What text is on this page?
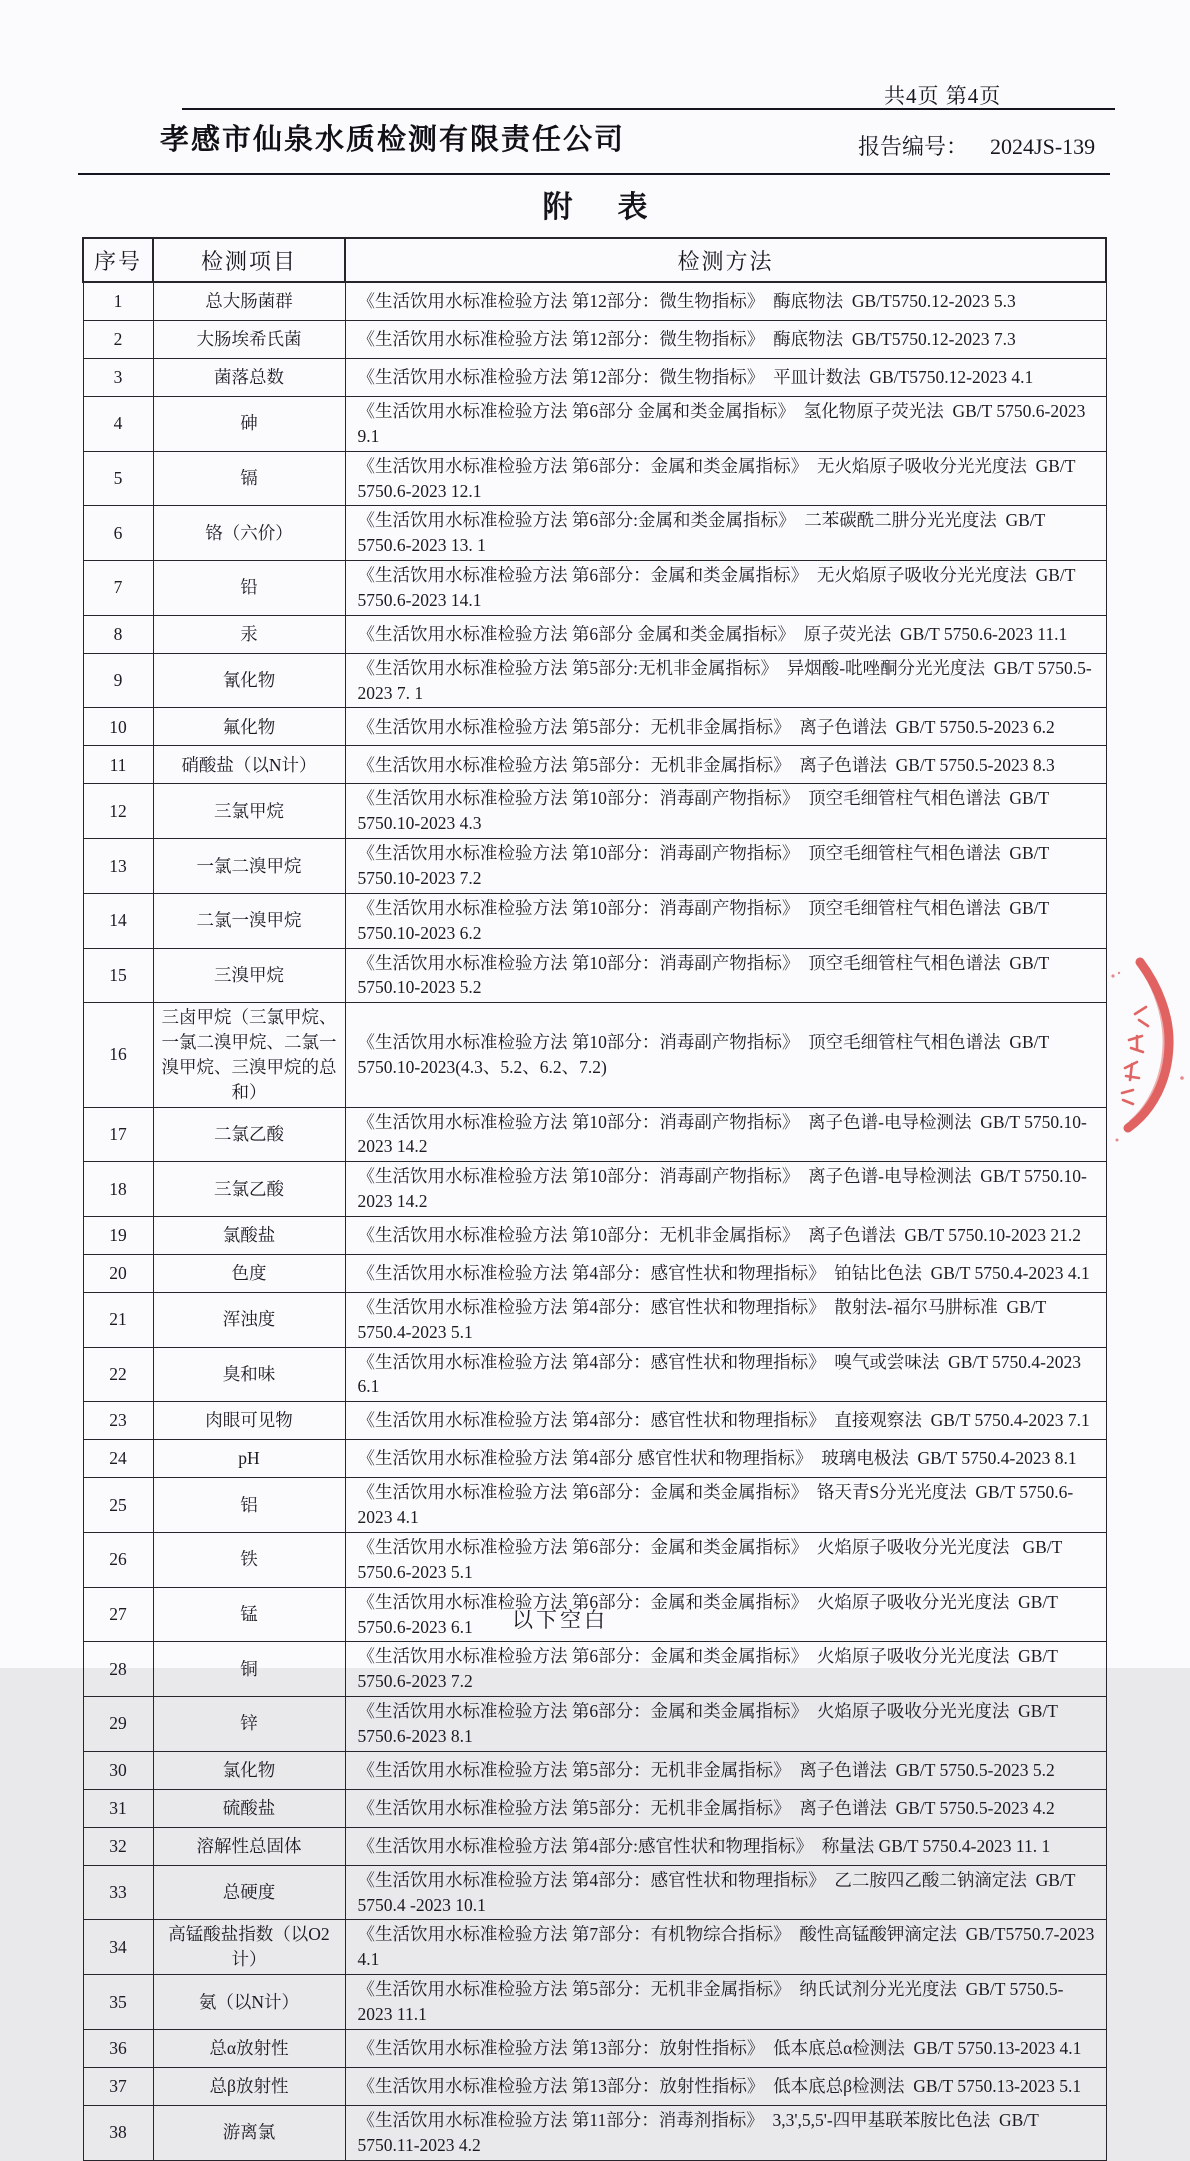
共4页 第4页
孝感市仙泉水质检测有限责任公司	报告编号： 2024JS-139
附      表
序号	检测项目	检测方法
1	总大肠菌群	《生活饮用水标准检验方法 第12部分：微生物指标》  酶底物法  GB/T5750.12-2023 5.3
2	大肠埃希氏菌	《生活饮用水标准检验方法 第12部分：微生物指标》  酶底物法  GB/T5750.12-2023 7.3
3	菌落总数	《生活饮用水标准检验方法 第12部分：微生物指标》  平皿计数法  GB/T5750.12-2023 4.1
4	砷	《生活饮用水标准检验方法 第6部分 金属和类金属指标》  氢化物原子荧光法  GB/T 5750.6-2023 9.1
5	镉	《生活饮用水标准检验方法 第6部分：金属和类金属指标》  无火焰原子吸收分光光度法  GB/T 5750.6-2023 12.1
6	铬（六价）	《生活饮用水标准检验方法 第6部分:金属和类金属指标》  二苯碳酰二肼分光光度法  GB/T 5750.6-2023 13. 1
7	铅	《生活饮用水标准检验方法 第6部分：金属和类金属指标》  无火焰原子吸收分光光度法  GB/T 5750.6-2023 14.1
8	汞	《生活饮用水标准检验方法 第6部分 金属和类金属指标》  原子荧光法  GB/T 5750.6-2023 11.1
9	氰化物	《生活饮用水标准检验方法 第5部分:无机非金属指标》  异烟酸-吡唑酮分光光度法  GB/T 5750.5-2023 7. 1
10	氟化物	《生活饮用水标准检验方法 第5部分：无机非金属指标》  离子色谱法  GB/T 5750.5-2023 6.2
11	硝酸盐（以N计）	《生活饮用水标准检验方法 第5部分：无机非金属指标》  离子色谱法  GB/T 5750.5-2023 8.3
12	三氯甲烷	《生活饮用水标准检验方法 第10部分：消毒副产物指标》  顶空毛细管柱气相色谱法  GB/T 5750.10-2023 4.3
13	一氯二溴甲烷	《生活饮用水标准检验方法 第10部分：消毒副产物指标》  顶空毛细管柱气相色谱法  GB/T 5750.10-2023 7.2
14	二氯一溴甲烷	《生活饮用水标准检验方法 第10部分：消毒副产物指标》  顶空毛细管柱气相色谱法  GB/T 5750.10-2023 6.2
15	三溴甲烷	《生活饮用水标准检验方法 第10部分：消毒副产物指标》  顶空毛细管柱气相色谱法  GB/T 5750.10-2023 5.2
16	三卤甲烷（三氯甲烷、一氯二溴甲烷、二氯一溴甲烷、三溴甲烷的总和）	《生活饮用水标准检验方法 第10部分：消毒副产物指标》  顶空毛细管柱气相色谱法  GB/T 5750.10-2023(4.3、5.2、6.2、7.2)
17	二氯乙酸	《生活饮用水标准检验方法 第10部分：消毒副产物指标》  离子色谱-电导检测法  GB/T 5750.10-2023 14.2
18	三氯乙酸	《生活饮用水标准检验方法 第10部分：消毒副产物指标》  离子色谱-电导检测法  GB/T 5750.10-2023 14.2
19	氯酸盐	《生活饮用水标准检验方法 第10部分：无机非金属指标》  离子色谱法  GB/T 5750.10-2023 21.2
20	色度	《生活饮用水标准检验方法 第4部分：感官性状和物理指标》  铂钴比色法  GB/T 5750.4-2023 4.1
21	浑浊度	《生活饮用水标准检验方法 第4部分：感官性状和物理指标》  散射法-福尔马肼标准  GB/T 5750.4-2023 5.1
22	臭和味	《生活饮用水标准检验方法 第4部分：感官性状和物理指标》  嗅气或尝味法  GB/T 5750.4-2023 6.1
23	肉眼可见物	《生活饮用水标准检验方法 第4部分：感官性状和物理指标》  直接观察法  GB/T 5750.4-2023 7.1
24	pH	《生活饮用水标准检验方法 第4部分 感官性状和物理指标》  玻璃电极法  GB/T 5750.4-2023 8.1
25	铝	《生活饮用水标准检验方法 第6部分：金属和类金属指标》  铬天青S分光光度法  GB/T 5750.6-2023 4.1
26	铁	《生活饮用水标准检验方法 第6部分：金属和类金属指标》  火焰原子吸收分光光度法   GB/T 5750.6-2023 5.1
27	锰	《生活饮用水标准检验方法 第6部分：金属和类金属指标》  火焰原子吸收分光光度法  GB/T 5750.6-2023 6.1
28	铜	《生活饮用水标准检验方法 第6部分：金属和类金属指标》  火焰原子吸收分光光度法  GB/T 5750.6-2023 7.2
29	锌	《生活饮用水标准检验方法 第6部分：金属和类金属指标》  火焰原子吸收分光光度法  GB/T 5750.6-2023 8.1
30	氯化物	《生活饮用水标准检验方法 第5部分：无机非金属指标》  离子色谱法  GB/T 5750.5-2023 5.2
31	硫酸盐	《生活饮用水标准检验方法 第5部分：无机非金属指标》  离子色谱法  GB/T 5750.5-2023 4.2
32	溶解性总固体	《生活饮用水标准检验方法 第4部分:感官性状和物理指标》  称量法 GB/T 5750.4-2023 11. 1
33	总硬度	《生活饮用水标准检验方法 第4部分：感官性状和物理指标》  乙二胺四乙酸二钠滴定法  GB/T 5750.4 -2023 10.1
34	高锰酸盐指数（以O2计）	《生活饮用水标准检验方法 第7部分：有机物综合指标》  酸性高锰酸钾滴定法  GB/T5750.7-2023 4.1
35	氨（以N计）	《生活饮用水标准检验方法 第5部分：无机非金属指标》  纳氏试剂分光光度法  GB/T 5750.5-2023 11.1
36	总α放射性	《生活饮用水标准检验方法 第13部分：放射性指标》  低本底总α检测法  GB/T 5750.13-2023 4.1
37	总β放射性	《生活饮用水标准检验方法 第13部分：放射性指标》  低本底总β检测法  GB/T 5750.13-2023 5.1
38	游离氯	《生活饮用水标准检验方法 第11部分：消毒剂指标》  3,3',5,5'-四甲基联苯胺比色法  GB/T 5750.11-2023 4.2
以下空白
